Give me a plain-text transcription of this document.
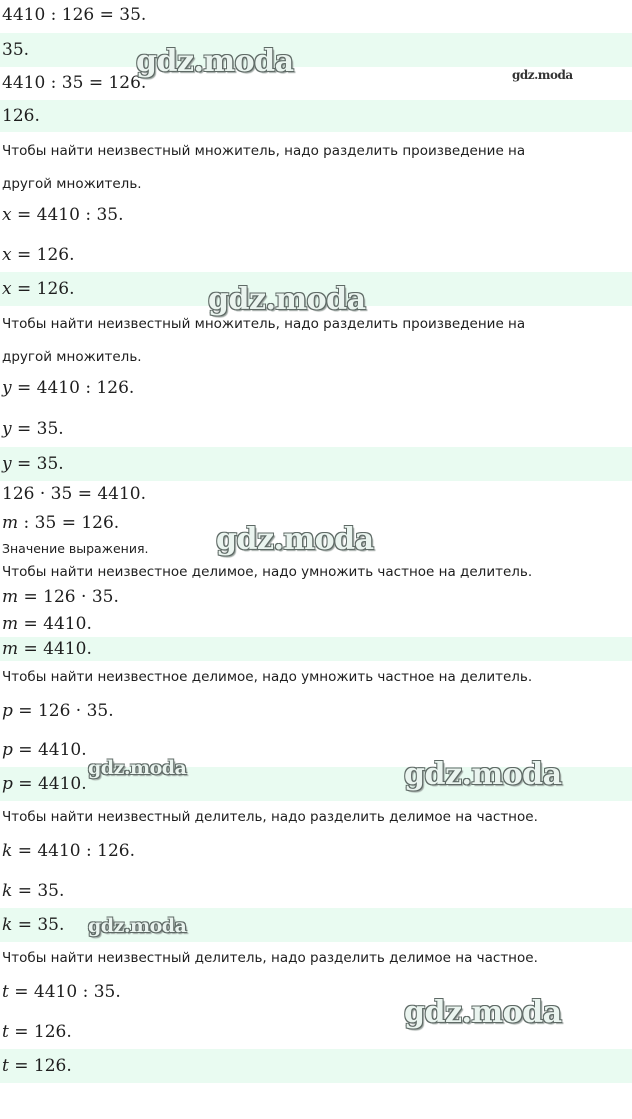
4410 : 126 = 35.
35.
4410 : 35 = 126.
126.
Чтобы найти неизвестный множитель, надо разделить произведение на
другой множитель.
x = 4410 : 35.
x = 126.
x = 126.
Чтобы найти неизвестный множитель, надо разделить произведение на
другой множитель.
y = 4410 : 126.
y = 35.
y = 35.
126 · 35 = 4410.
m : 35 = 126.
Значение выражения.
Чтобы найти неизвестное делимое, надо умножить частное на делитель.
m = 126 · 35.
m = 4410.
m = 4410.
Чтобы найти неизвестное делимое, надо умножить частное на делитель.
p = 126 · 35.
p = 4410.
p = 4410.
Чтобы найти неизвестный делитель, надо разделить делимое на частное.
k = 4410 : 126.
k = 35.
k = 35.
Чтобы найти неизвестный делитель, надо разделить делимое на частное.
t = 4410 : 35.
t = 126.
t = 126.
gdz.moda	gdz.moda
gdz.moda
gdz.moda
gdz.moda	gdz.moda
gdz.moda
gdz.moda
